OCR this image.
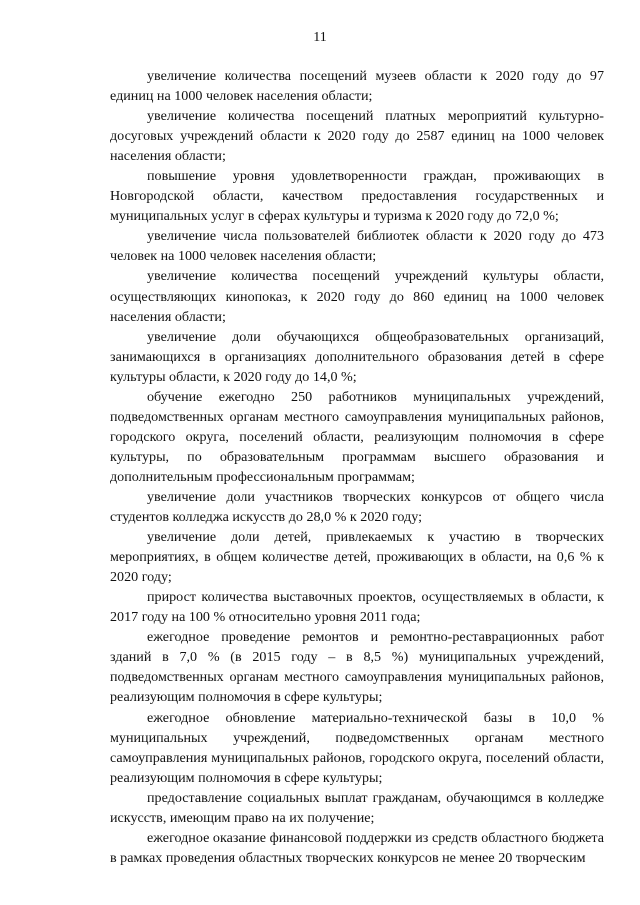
11

увеличение количества посещений музеев области к 2020 году до 97 единиц на 1000 человек населения области;

увеличение количества посещений платных мероприятий культурно-досуговых учреждений области к 2020 году до 2587 единиц на 1000 человек населения области;

повышение уровня удовлетворенности граждан, проживающих в Новгородской области, качеством предоставления государственных и муниципальных услуг в сферах культуры и туризма к 2020 году до 72,0 %;

увеличение числа пользователей библиотек области к 2020 году до 473 человек на 1000 человек населения области;

увеличение количества посещений учреждений культуры области, осуществляющих кинопоказ, к 2020 году до 860 единиц на 1000 человек населения области;

увеличение доли обучающихся общеобразовательных организаций, занимающихся в организациях дополнительного образования детей в сфере культуры области, к 2020 году до 14,0 %;

обучение ежегодно 250 работников муниципальных учреждений, подведомственных органам местного самоуправления муниципальных районов, городского округа, поселений области, реализующим полномочия в сфере культуры, по образовательным программам высшего образования и дополнительным профессиональным программам;

увеличение доли участников творческих конкурсов от общего числа студентов колледжа искусств до 28,0 % к 2020 году;

увеличение доли детей, привлекаемых к участию в творческих мероприятиях, в общем количестве детей, проживающих в области, на 0,6 % к 2020 году;

прирост количества выставочных проектов, осуществляемых в области, к 2017 году на 100 % относительно уровня 2011 года;

ежегодное проведение ремонтов и ремонтно-реставрационных работ зданий в 7,0 % (в 2015 году – в 8,5 %) муниципальных учреждений, подведомственных органам местного самоуправления муниципальных районов, реализующим полномочия в сфере культуры;

ежегодное обновление материально-технической базы в 10,0 % муниципальных учреждений, подведомственных органам местного самоуправления муниципальных районов, городского округа, поселений области, реализующим полномочия в сфере культуры;

предоставление социальных выплат гражданам, обучающимся в колледже искусств, имеющим право на их получение;

ежегодное оказание финансовой поддержки из средств областного бюджета в рамках проведения областных творческих конкурсов не менее 20 творческим
